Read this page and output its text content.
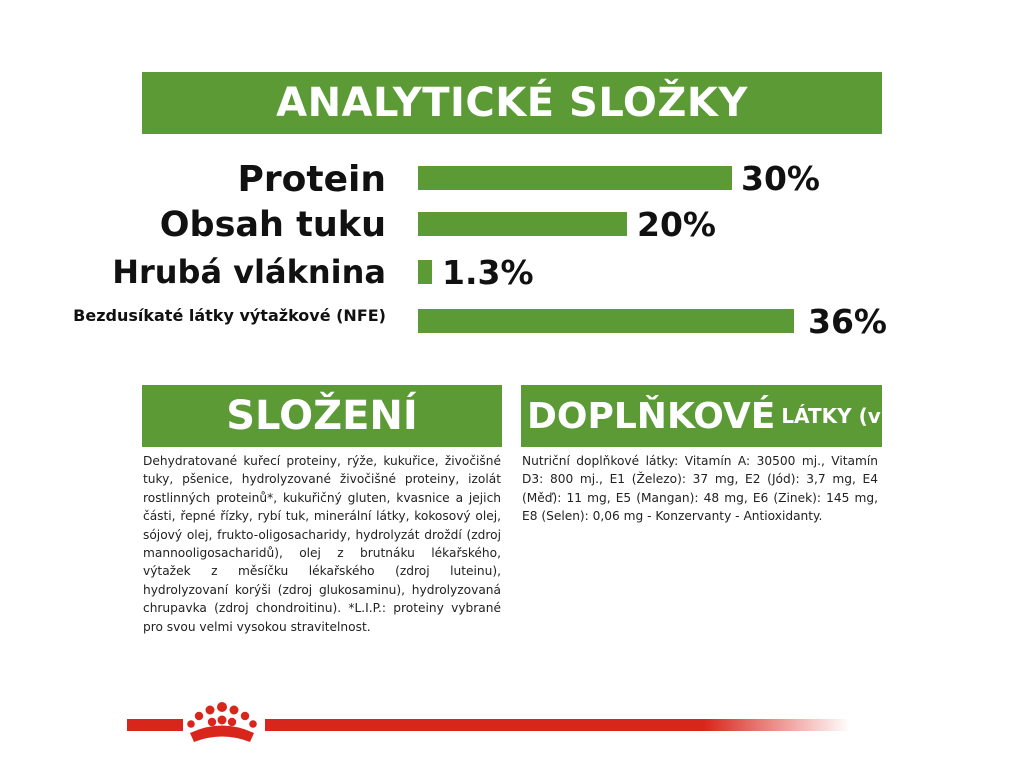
ANALYTICKÉ SLOŽKY
Protein	30%
Obsah tuku	20%
Hrubá vláknina 1.3%
Bezdusíkaté látky výtažkové (NFE)	36%
SLOŽENÍ

Dehydratované kuřecí proteiny, rýže, kukuřice, živočišné tuky, pšenice, hydrolyzované živočišné proteiny, izolát rostlinných proteinů*, kukuřičný gluten, kvasnice a jejich části, řepné řízky, rybí tuk, minerální látky, kokosový olej, sójový olej, frukto-oligosacharidy, hydrolyzát droždí (zdroj mannooligosacharidů), olej z brutnáku lékařského, výtažek z měsíčku lékařského (zdroj luteinu), hydrolyzovaní korýši (zdroj glukosaminu), hydrolyzovaná chrupavka (zdroj chondroitinu). *L.I.P.: proteiny vybrané pro svou velmi vysokou stravitelnost.

DOPLŇKOVÉ LÁTKY (v 1 kg)

Nutriční doplňkové látky: Vitamín A: 30500 mj., Vitamín D3: 800 mj., E1 (Železo): 37 mg, E2 (Jód): 3,7 mg, E4 (Měď): 11 mg, E5 (Mangan): 48 mg, E6 (Zinek): 145 mg, E8 (Selen): 0,06 mg - Konzervanty - Antioxidanty.
